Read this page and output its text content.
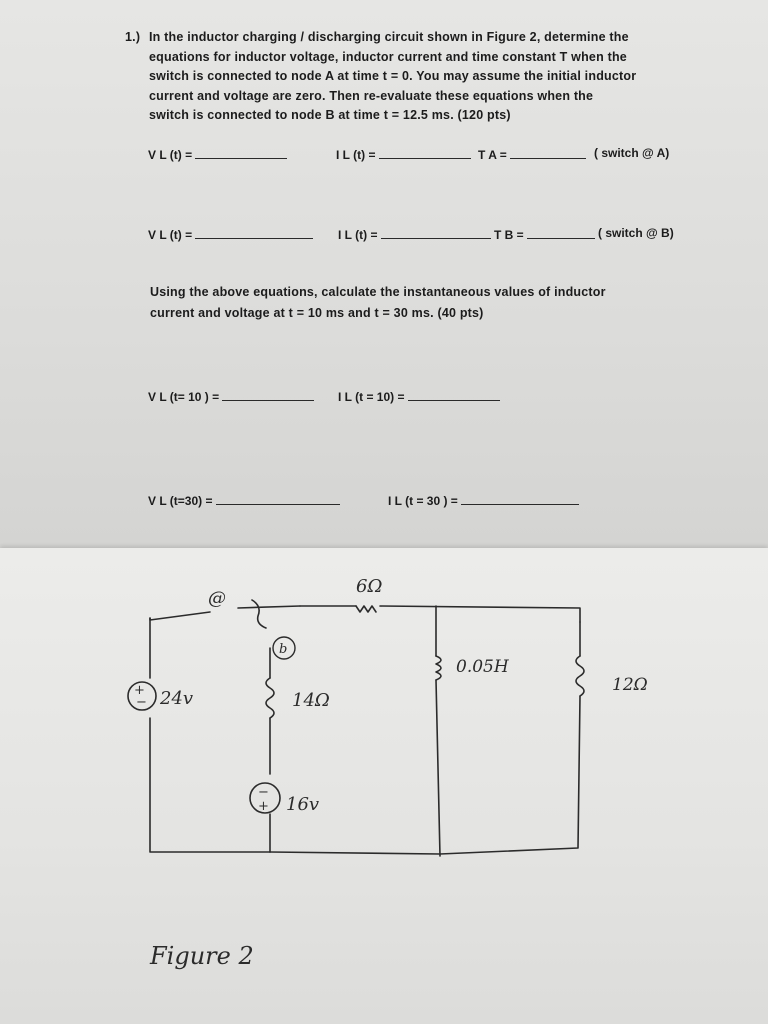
1.) In the inductor charging / discharging circuit shown in Figure 2, determine the
equations for inductor voltage, inductor current and time constant T when the
switch is connected to node A at time t = 0. You may assume the initial inductor
current and voltage are zero. Then re-evaluate these equations when the
switch is connected to node B at time t = 12.5 ms. (120 pts)
V L (t) =	I L (t) =	T A =	( switch @ A)
V L (t) =	I L (t) =	T B =	( switch @ B)
Using the above equations, calculate the instantaneous values of inductor
current and voltage at t = 10 ms and t = 30 ms. (40 pts)
V L (t= 10 ) =	I L (t = 10) =
V L (t=30) =	I L (t = 30 ) =
+
−
−
+
@
b
6Ω
0.05H
12Ω
24v	14Ω
16v
Figure 2
